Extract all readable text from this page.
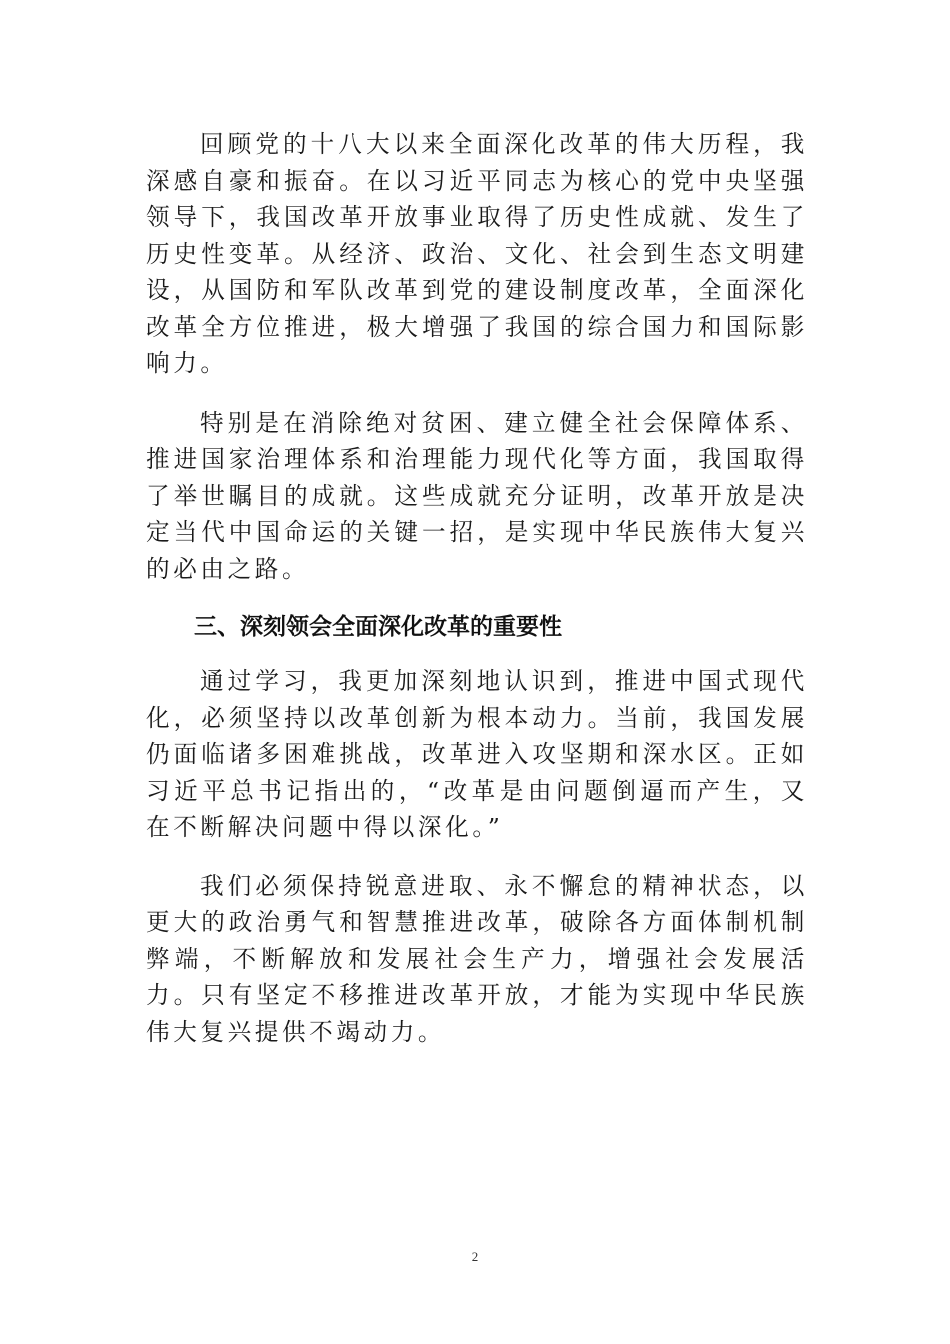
回顾党的十八大以来全面深化改革的伟大历程，我深感自豪和振奋。在以习近平同志为核心的党中央坚强领导下，我国改革开放事业取得了历史性成就、发生了历史性变革。从经济、政治、文化、社会到生态文明建设，从国防和军队改革到党的建设制度改革，全面深化改革全方位推进，极大增强了我国的综合国力和国际影响力。

特别是在消除绝对贫困、建立健全社会保障体系、推进国家治理体系和治理能力现代化等方面，我国取得了举世瞩目的成就。这些成就充分证明，改革开放是决定当代中国命运的关键一招，是实现中华民族伟大复兴的必由之路。

三、深刻领会全面深化改革的重要性

通过学习，我更加深刻地认识到，推进中国式现代化，必须坚持以改革创新为根本动力。当前，我国发展仍面临诸多困难挑战，改革进入攻坚期和深水区。正如习近平总书记指出的，“改革是由问题倒逼而产生，又在不断解决问题中得以深化。”

我们必须保持锐意进取、永不懈怠的精神状态，以更大的政治勇气和智慧推进改革，破除各方面体制机制弊端，不断解放和发展社会生产力，增强社会发展活力。只有坚定不移推进改革开放，才能为实现中华民族伟大复兴提供不竭动力。

2
